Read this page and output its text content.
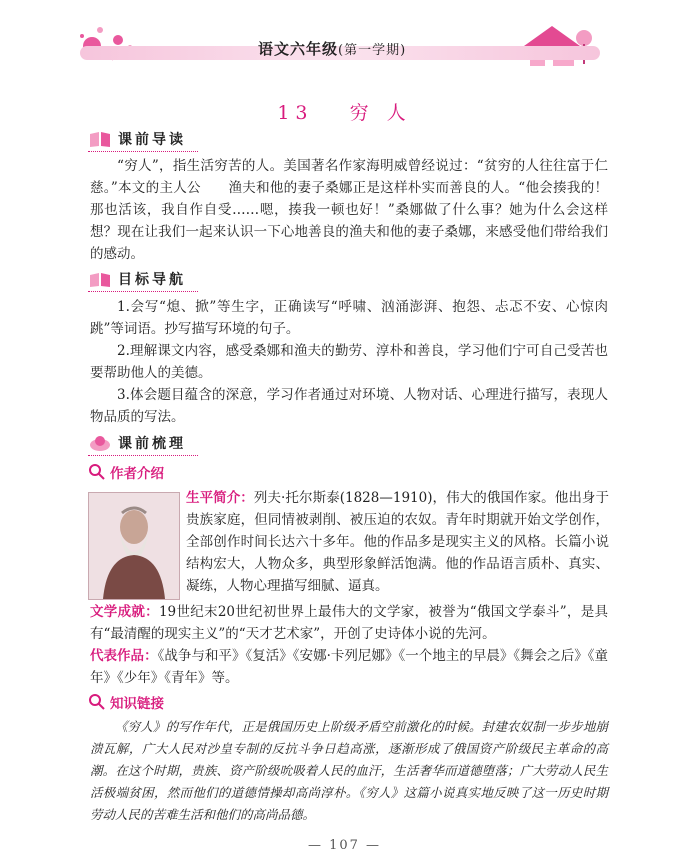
语文六年级(第一学期)
13 穷 人
课前导读
“穷人”，指生活穷苦的人。美国著名作家海明威曾经说过：“贫穷的人往往富于仁慈。”本文的主人公　　渔夫和他的妻子桑娜正是这样朴实而善良的人。“他会揍我的！那也活该，我自作自受……嗯，揍我一顿也好！”桑娜做了什么事？她为什么会这样想？现在让我们一起来认识一下心地善良的渔夫和他的妻子桑娜，来感受他们带给我们的感动。
目标导航
1.会写“熄、掀”等生字，正确读写“呼啸、汹涌澎湃、抱怨、忐忑不安、心惊肉跳”等词语。抄写描写环境的句子。
2.理解课文内容，感受桑娜和渔夫的勤劳、淳朴和善良，学习他们宁可自己受苦也要帮助他人的美德。
3.体会题目蕴含的深意，学习作者通过对环境、人物对话、心理进行描写，表现人物品质的写法。
课前梳理
作者介绍
生平简介：列夫·托尔斯泰(1828—1910)，伟大的俄国作家。他出身于贵族家庭，但同情被剥削、被压迫的农奴。青年时期就开始文学创作，全部创作时间长达六十多年。他的作品多是现实主义的风格。长篇小说结构宏大，人物众多，典型形象鲜活饱满。他的作品语言质朴、真实、凝练，人物心理描写细腻、逼真。
文学成就：19世纪末20世纪初世界上最伟大的文学家，被誉为“俄国文学泰斗”，是具有“最清醒的现实主义”的“天才艺术家”，开创了史诗体小说的先河。
代表作品：《战争与和平》《复活》《安娜·卡列尼娜》《一个地主的早晨》《舞会之后》《童年》《少年》《青年》等。
知识链接
《穷人》的写作年代，正是俄国历史上阶级矛盾空前激化的时候。封建农奴制一步步地崩溃瓦解，广大人民对沙皇专制的反抗斗争日趋高涨，逐渐形成了俄国资产阶级民主革命的高潮。在这个时期，贵族、资产阶级吮吸着人民的血汗，生活奢华而道德堕落；广大劳动人民生活极端贫困，然而他们的道德情操却高尚淳朴。《穷人》这篇小说真实地反映了这一历史时期劳动人民的苦难生活和他们的高尚品德。
— 107 —
